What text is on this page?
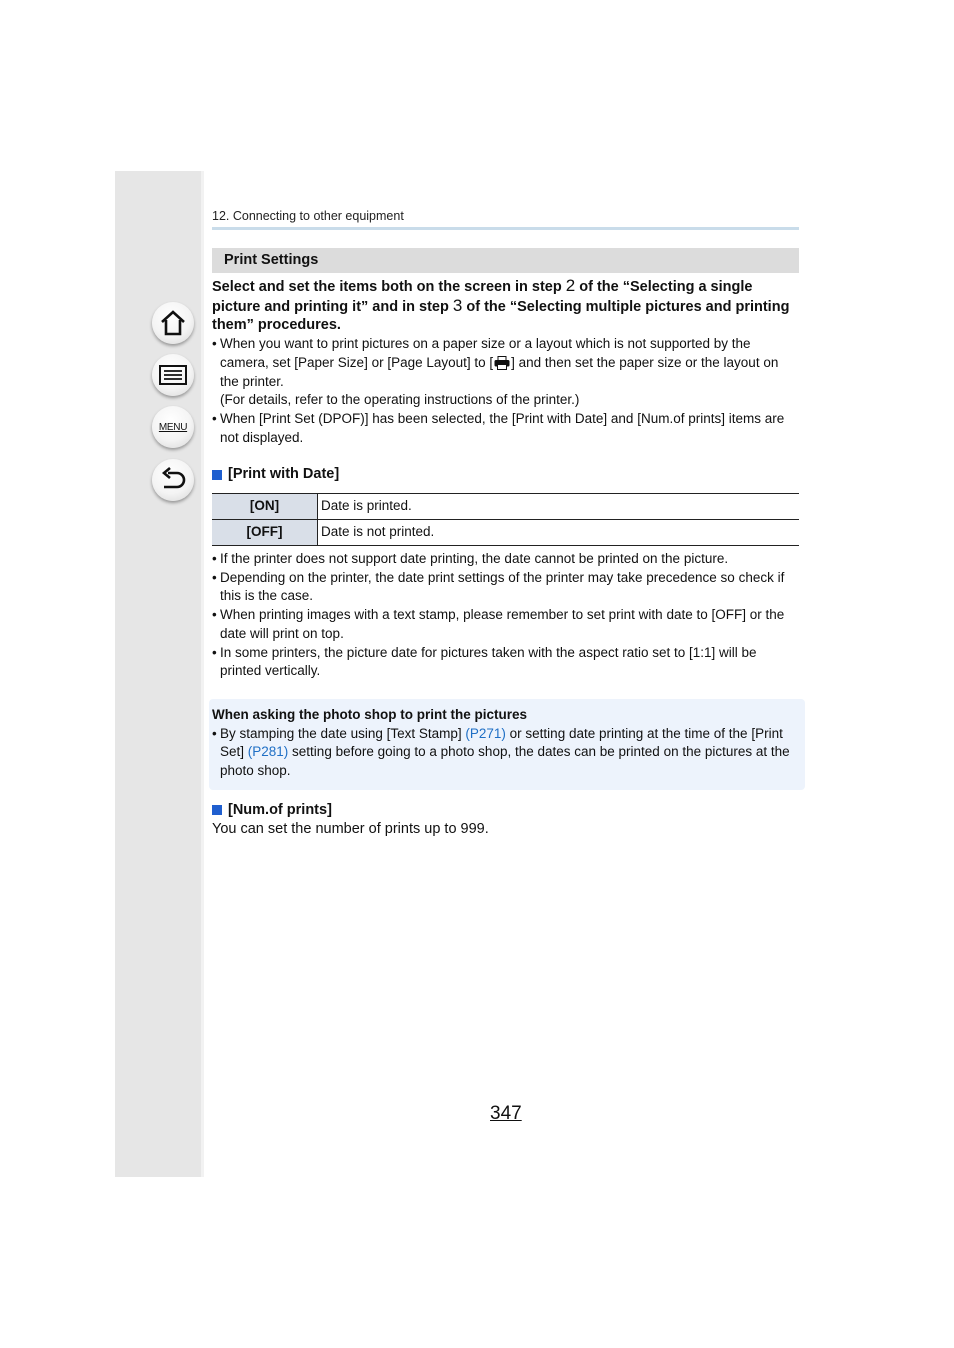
MENU
12. Connecting to other equipment
Print Settings

Select and set the items both on the screen in step 2 of the “Selecting a single picture and printing it” and in step 3 of the “Selecting multiple pictures and printing them” procedures.

• When you want to print pictures on a paper size or a layout which is not supported by the camera, set [Paper Size] or [Page Layout] to [ ] and then set the paper size or the layout on the printer.
(For details, refer to the operating instructions of the printer.)
• When [Print Set (DPOF)] has been selected, the [Print with Date] and [Num.of prints] items are not displayed.
[Print with Date]
[ON]	Date is printed.
[OFF]	Date is not printed.
• If the printer does not support date printing, the date cannot be printed on the picture.
• Depending on the printer, the date print settings of the printer may take precedence so check if this is the case.
• When printing images with a text stamp, please remember to set print with date to [OFF] or the date will print on top.
• In some printers, the picture date for pictures taken with the aspect ratio set to [1:1] will be printed vertically.
When asking the photo shop to print the pictures
• By stamping the date using [Text Stamp] (P271) or setting date printing at the time of the [Print Set] (P281) setting before going to a photo shop, the dates can be printed on the pictures at the photo shop.
[Num.of prints]
You can set the number of prints up to 999.
347
